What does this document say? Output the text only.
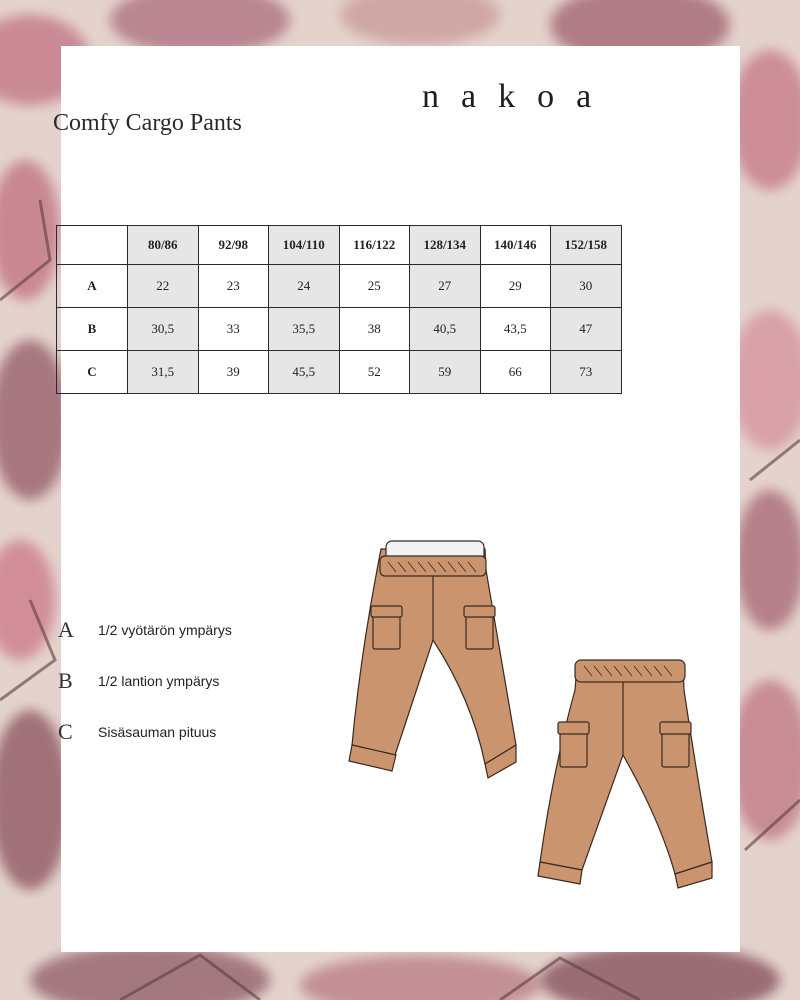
nakoa
Comfy Cargo Pants
	80/86	92/98	104/110	116/122	128/134	140/146	152/158
A	22	23	24	25	27	29	30
B	30,5	33	35,5	38	40,5	43,5	47
C	31,5	39	45,5	52	59	66	73
A	1/2 vyötärön ympärys
B	1/2 lantion ympärys
C	Sisäsauman pituus
